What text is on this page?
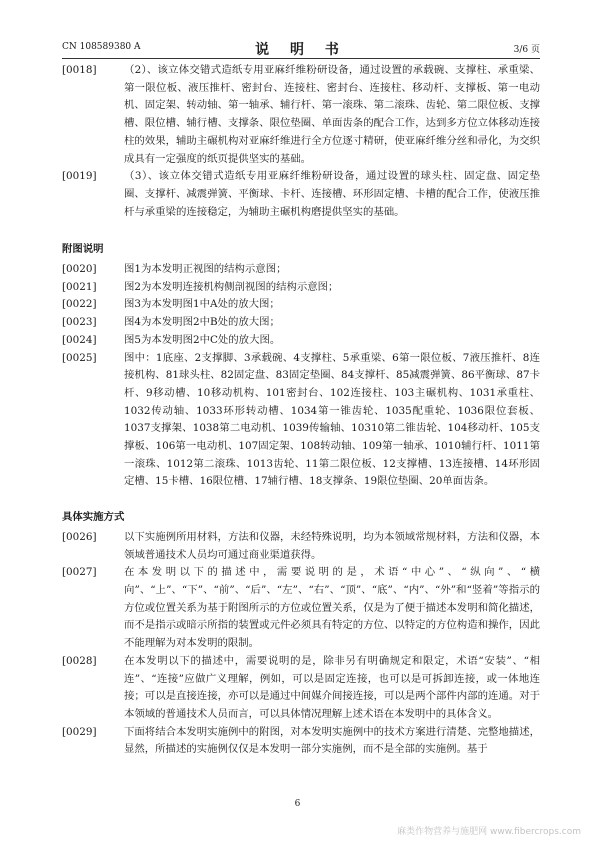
CN 108589380 A	说 明 书	3/6 页

[0018]	（2）、该立体交错式造纸专用亚麻纤维粉研设备，通过设置的承载碗、支撑柱、承重梁、第一限位板、液压推杆、密封台、连接柱、密封台、连接柱、移动杆、支撑板、第一电动机、固定架、转动轴、第一轴承、辅行杆、第一滚珠、第二滚珠、齿轮、第二限位板、支撑槽、限位槽、辅行槽、支撑条、限位垫圈、单面齿条的配合工作，达到多方位立体移动连接柱的效果，辅助主碾机构对亚麻纤维进行全方位逐寸精研，使亚麻纤维分丝和帚化，为交织成具有一定强度的纸页提供坚实的基础。

[0019]	（3）、该立体交错式造纸专用亚麻纤维粉研设备，通过设置的球头柱、固定盘、固定垫圈、支撑杆、减震弹簧、平衡球、卡杆、连接槽、环形固定槽、卡槽的配合工作，使液压推杆与承重梁的连接稳定，为辅助主碾机构磨提供坚实的基础。

附图说明

[0020]	图1为本发明正视图的结构示意图；

[0021]	图2为本发明连接机构侧剖视图的结构示意图；

[0022]	图3为本发明图1中A处的放大图；

[0023]	图4为本发明图2中B处的放大图；

[0024]	图5为本发明图2中C处的放大图。

[0025]	图中：1底座、2支撑脚、3承载碗、4支撑柱、5承重梁、6第一限位板、7液压推杆、8连接机构、81球头柱、82固定盘、83固定垫圈、84支撑杆、85减震弹簧、86平衡球、87卡杆、9移动槽、10移动机构、101密封台、102连接柱、103主碾机构、1031承重柱、1032传动轴、1033环形转动槽、1034第一锥齿轮、1035配重轮、1036限位套板、1037支撑架、1038第二电动机、1039传输轴、10310第二锥齿轮、104移动杆、105支撑板、106第一电动机、107固定架、108转动轴、109第一轴承、1010辅行杆、1011第一滚珠、1012第二滚珠、1013齿轮、11第二限位板、12支撑槽、13连接槽、14环形固定槽、15卡槽、16限位槽、17辅行槽、18支撑条、19限位垫圈、20单面齿条。

具体实施方式

[0026]	以下实施例所用材料，方法和仪器，未经特殊说明，均为本领域常规材料，方法和仪器，本领域普通技术人员均可通过商业渠道获得。

[0027]	在本发明以下的描述中，需要说明的是，术语“中心”、“纵向”、“横向”、“上”、“下”、“前”、“后”、“左”、“右”、“顶”、“底”、“内”、“外”和“竖着”等指示的方位或位置关系为基于附图所示的方位或位置关系，仅是为了便于描述本发明和简化描述，而不是指示或暗示所指的装置或元件必须具有特定的方位、以特定的方位构造和操作，因此不能理解为对本发明的限制。

[0028]	在本发明以下的描述中，需要说明的是，除非另有明确规定和限定，术语“安装”、“相连”、“连接”应做广义理解，例如，可以是固定连接，也可以是可拆卸连接，或一体地连接；可以是直接连接，亦可以是通过中间媒介间接连接，可以是两个部件内部的连通。对于本领域的普通技术人员而言，可以具体情况理解上述术语在本发明中的具体含义。

[0029]	下面将结合本发明实施例中的附图，对本发明实施例中的技术方案进行清楚、完整地描述，显然，所描述的实施例仅仅是本发明一部分实施例，而不是全部的实施例。基于

6
麻类作物营养与施肥网 www.fibercrops.com
